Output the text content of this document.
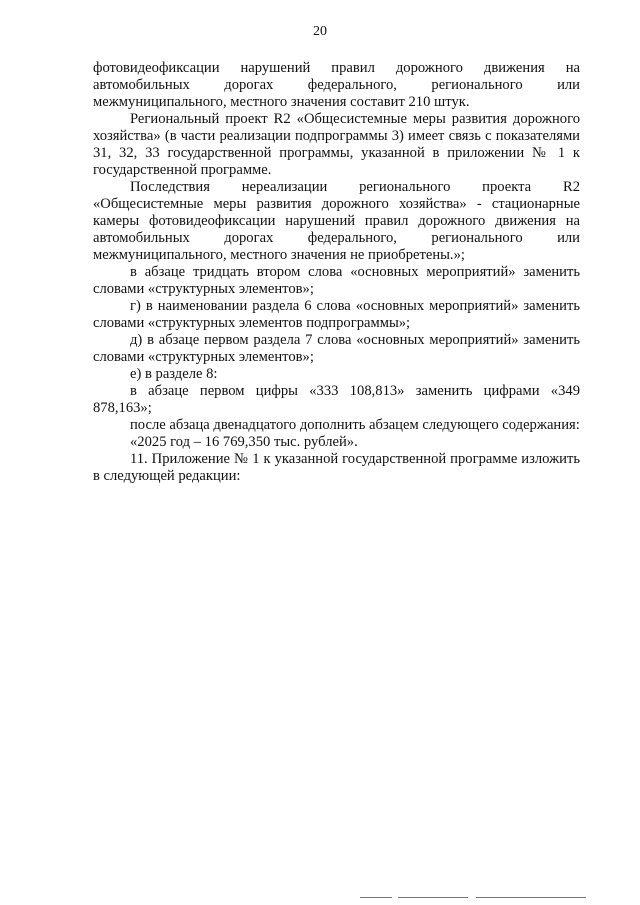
20

фотовидеофиксации нарушений правил дорожного движения на автомобильных дорогах федерального, регионального или межмуниципального, местного значения составит 210 штук.

Региональный проект R2 «Общесистемные меры развития дорожного хозяйства» (в части реализации подпрограммы 3) имеет связь с показателями 31, 32, 33 государственной программы, указанной в приложении № 1 к государственной программе.

Последствия нереализации регионального проекта R2 «Общесистемные меры развития дорожного хозяйства» - стационарные камеры фотовидеофиксации нарушений правил дорожного движения на автомобильных дорогах федерального, регионального или межмуниципального, местного значения не приобретены.»;

в абзаце тридцать втором слова «основных мероприятий» заменить словами «структурных элементов»;

г) в наименовании раздела 6 слова «основных мероприятий» заменить словами «структурных элементов подпрограммы»;

д) в абзаце первом раздела 7 слова «основных мероприятий» заменить словами «структурных элементов»;

е) в разделе 8:

в абзаце первом цифры «333 108,813» заменить цифрами «349 878,163»;

после абзаца двенадцатого дополнить абзацем следующего содержания:

«2025 год – 16 769,350 тыс. рублей».

11. Приложение № 1 к указанной государственной программе изложить в следующей редакции:
